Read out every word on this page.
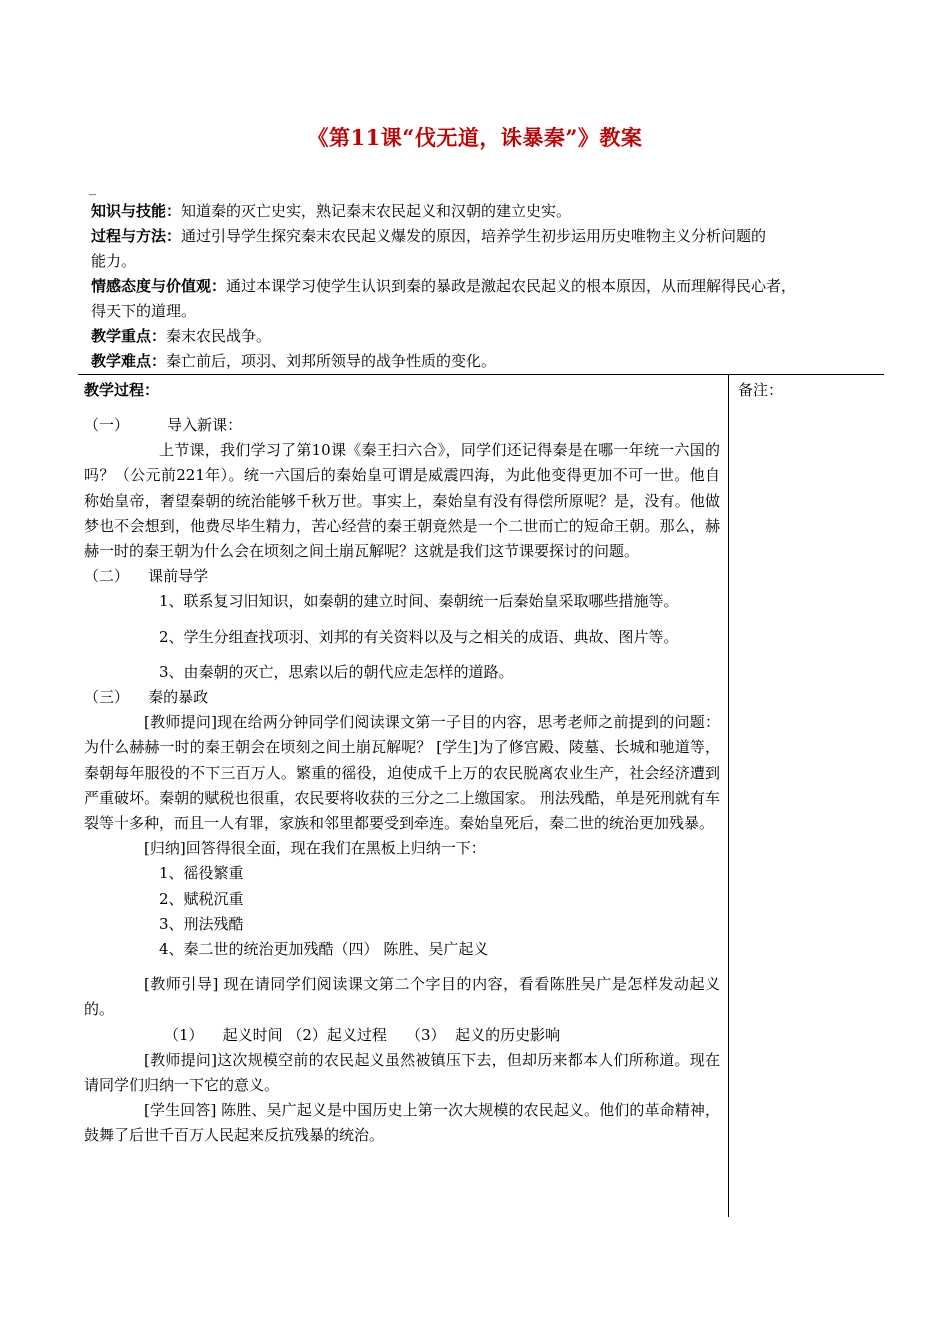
《第11课“伐无道，诛暴秦”》教案
_
知识与技能：知道秦的灭亡史实，熟记秦末农民起义和汉朝的建立史实。
过程与方法：通过引导学生探究秦末农民起义爆发的原因，培养学生初步运用历史唯物主义分析问题的
能力。
情感态度与价值观：通过本课学习使学生认识到秦的暴政是激起农民起义的根本原因，从而理解得民心者，
得天下的道理。
教学重点：秦末农民战争。
教学难点：秦亡前后，项羽、刘邦所领导的战争性质的变化。
教学过程：	备注：

（一）        导入新课：

上节课，我们学习了第10课《秦王扫六合》，同学们还记得秦是在哪一年统一六国的吗？（公元前221年）。统一六国后的秦始皇可谓是威震四海，为此他变得更加不可一世。他自称始皇帝，奢望秦朝的统治能够千秋万世。事实上，秦始皇有没有得偿所原呢？是，没有。他做梦也不会想到，他费尽毕生精力，苦心经营的秦王朝竟然是一个二世而亡的短命王朝。那么，赫赫一时的秦王朝为什么会在顷刻之间土崩瓦解呢？这就是我们这节课要探讨的问题。

（二）    课前导学

1、联系复习旧知识，如秦朝的建立时间、秦朝统一后秦始皇采取哪些措施等。

2、学生分组查找项羽、刘邦的有关资料以及与之相关的成语、典故、图片等。

3、由秦朝的灭亡，思索以后的朝代应走怎样的道路。

（三）    秦的暴政

[教师提问]现在给两分钟同学们阅读课文第一子目的内容，思考老师之前提到的问题：为什么赫赫一时的秦王朝会在顷刻之间土崩瓦解呢？ [学生]为了修宫殿、陵墓、长城和驰道等，秦朝每年服役的不下三百万人。繁重的徭役，迫使成千上万的农民脱离农业生产，社会经济遭到严重破坏。秦朝的赋税也很重，农民要将收获的三分之二上缴国家。 刑法残酷，单是死刑就有车裂等十多种，而且一人有罪，家族和邻里都要受到牵连。秦始皇死后，秦二世的统治更加残暴。

[归纳]回答得很全面，现在我们在黑板上归纳一下：

1、徭役繁重

2、赋税沉重

3、刑法残酷

4、秦二世的统治更加残酷（四） 陈胜、吴广起义

[教师引导] 现在请同学们阅读课文第二个字目的内容，看看陈胜吴广是怎样发动起义的。

（1）    起义时间 （2）起义过程    （3）  起义的历史影响

[教师提问]这次规模空前的农民起义虽然被镇压下去，但却历来都本人们所称道。现在请同学们归纳一下它的意义。

[学生回答] 陈胜、吴广起义是中国历史上第一次大规模的农民起义。他们的革命精神，鼓舞了后世千百万人民起来反抗残暴的统治。
